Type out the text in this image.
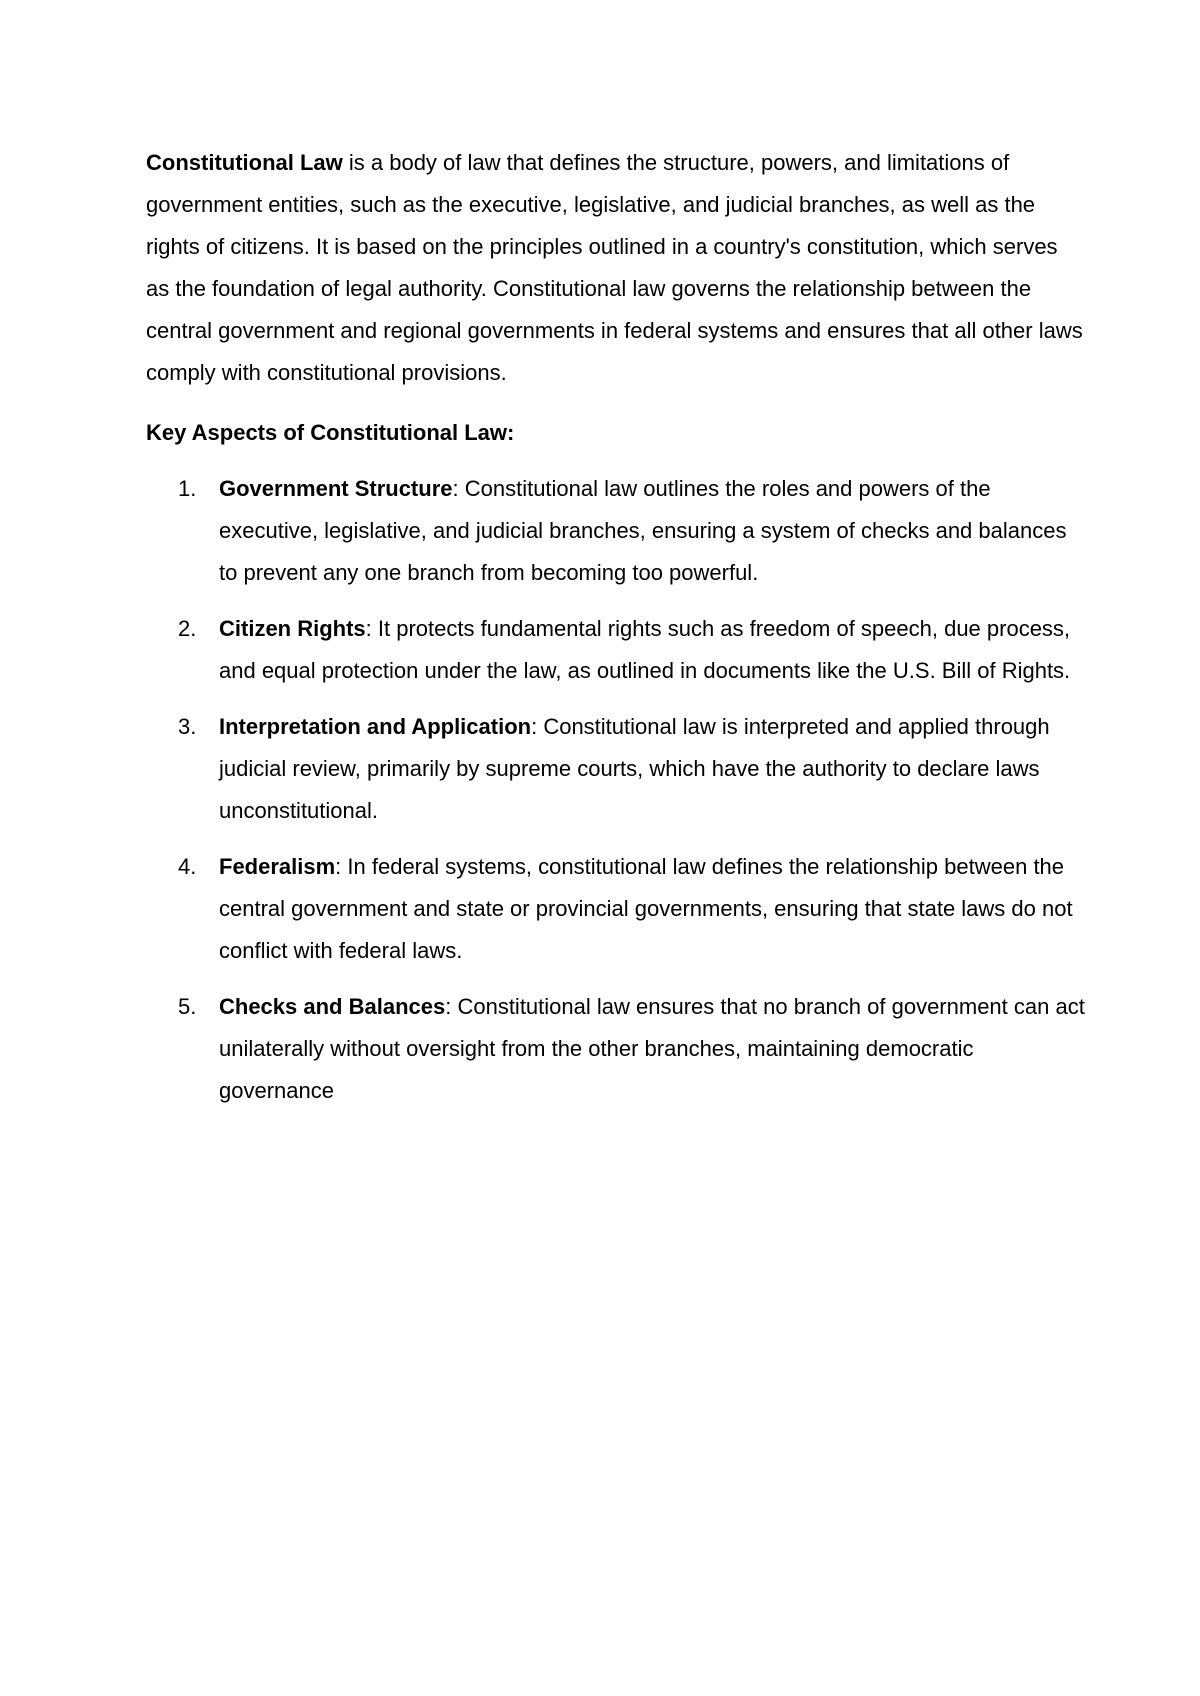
Constitutional Law is a body of law that defines the structure, powers, and limitations of government entities, such as the executive, legislative, and judicial branches, as well as the rights of citizens. It is based on the principles outlined in a country's constitution, which serves as the foundation of legal authority. Constitutional law governs the relationship between the central government and regional governments in federal systems and ensures that all other laws comply with constitutional provisions.

Key Aspects of Constitutional Law:

1. Government Structure: Constitutional law outlines the roles and powers of the executive, legislative, and judicial branches, ensuring a system of checks and balances to prevent any one branch from becoming too powerful.
2. Citizen Rights: It protects fundamental rights such as freedom of speech, due process, and equal protection under the law, as outlined in documents like the U.S. Bill of Rights.
3. Interpretation and Application: Constitutional law is interpreted and applied through judicial review, primarily by supreme courts, which have the authority to declare laws unconstitutional.
4. Federalism: In federal systems, constitutional law defines the relationship between the central government and state or provincial governments, ensuring that state laws do not conflict with federal laws.
5. Checks and Balances: Constitutional law ensures that no branch of government can act unilaterally without oversight from the other branches, maintaining democratic governance
